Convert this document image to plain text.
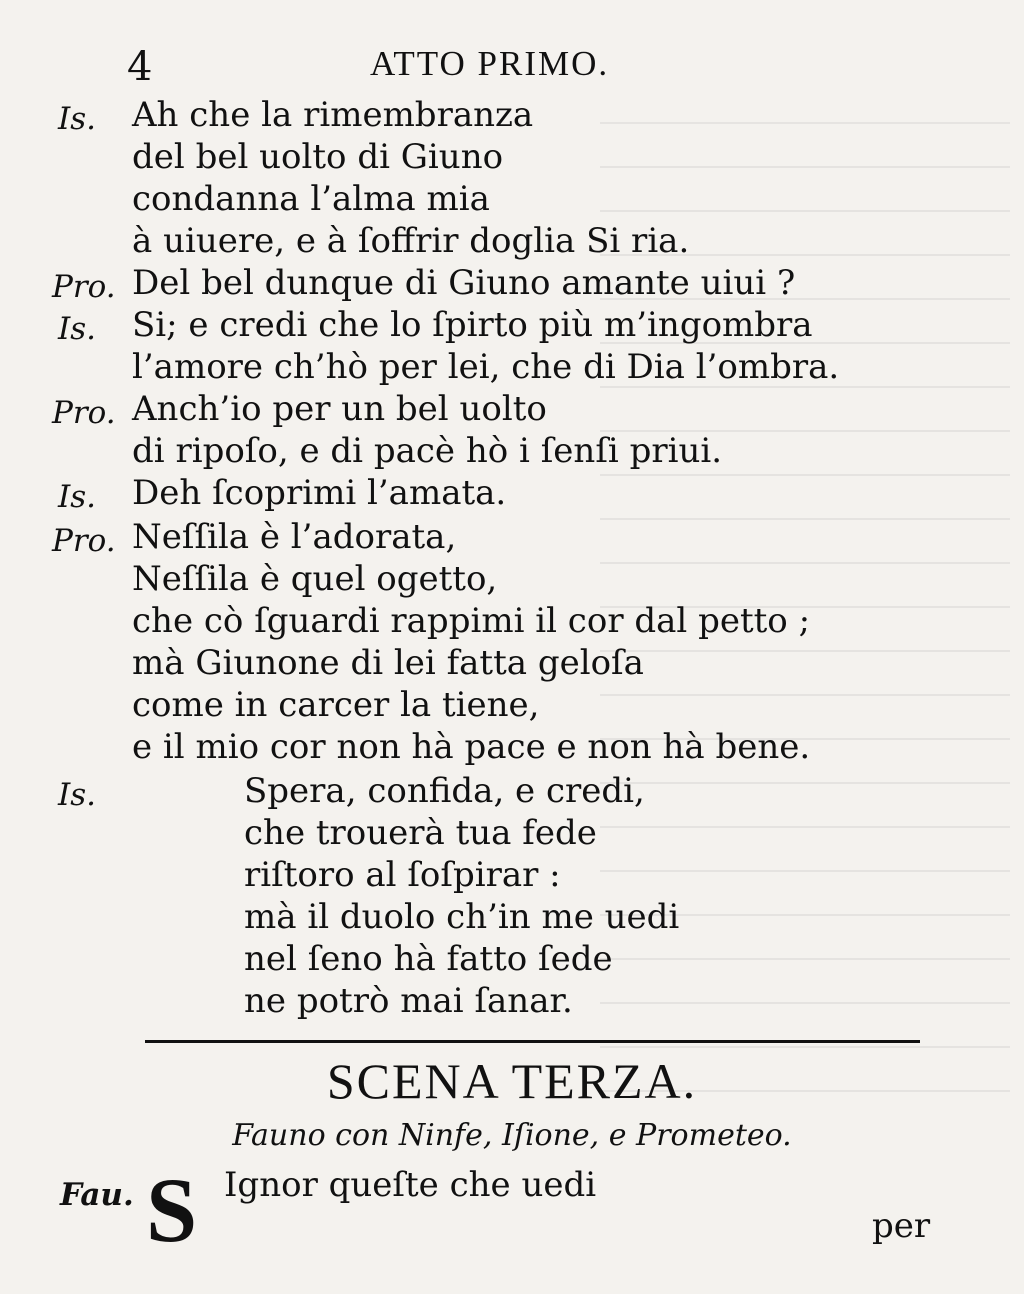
4	ATTO PRIMO.
Is. Ah che la rimembranza
del bel uolto di Giuno
condanna l’alma mia
à uiuere, e à ſoffrir doglia Si ria.
Pro. Del bel dunque di Giuno amante uiui ?
Is. Si; e credi che lo ſpirto più m’ingombra
l’amore ch’hò per lei, che di Dia l’ombra.
Pro. Anch’io per un bel uolto
di ripoſo, e di pacè hò i ſenſi priui.
Is. Deh ſcoprimi l’amata.
Pro. Neſſila è l’adorata,
Neſſila è quel ogetto,
che cò ſguardi rappimi il cor dal petto ;
mà Giunone di lei fatta geloſa
come in carcer la tiene,
e il mio cor non hà pace e non hà bene.
Is.	Spera, confida, e credi,
che trouerà tua fede
riſtoro al ſoſpirar :
mà il duolo ch’in me uedi
nel ſeno hà fatto ſede
ne potrò mai ſanar.
SCENA TERZA.
Fauno con Ninfe, Iſione, e Prometeo.
Fau. S Ignor queſte che uedi
per
